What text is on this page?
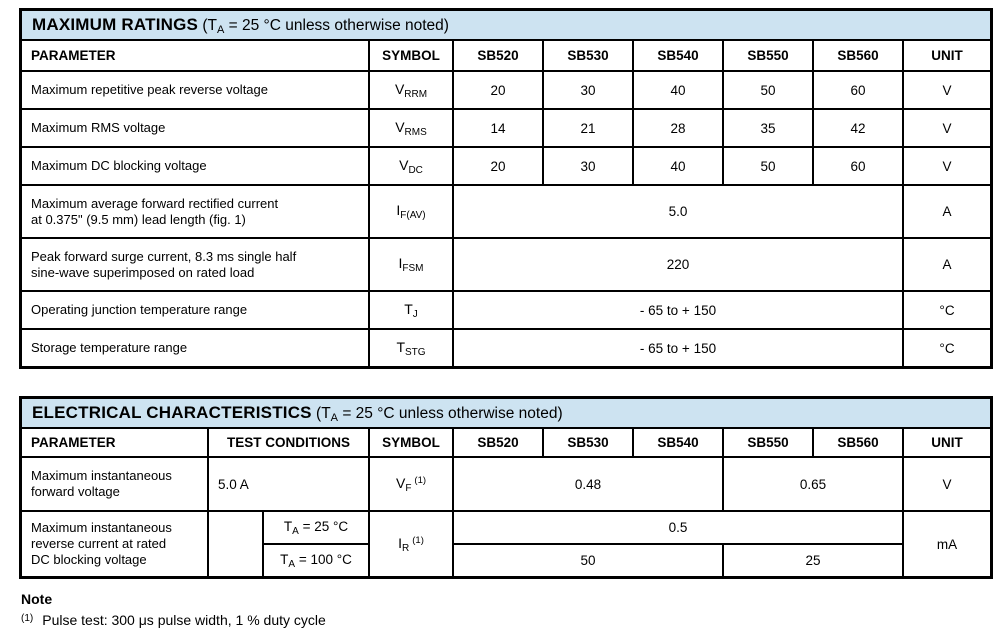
MAXIMUM RATINGS (TA = 25 °C unless otherwise noted)
PARAMETER	SYMBOL	SB520	SB530	SB540	SB550	SB560	UNIT

Maximum repetitive peak reverse voltage	$V_{RRM}$	20	30	40	50	60	V

Maximum RMS voltage	$V_{RMS}$	14	21	28	35	42	V

Maximum DC blocking voltage	$V_{DC}$	20	30	40	50	60	V

Maximum average forward rectified current
at 0.375" (9.5 mm) lead length (fig. 1)	$I_{F(AV)}$	5.0					A

Peak forward surge current, 8.3 ms single half
sine-wave superimposed on rated load	$I_{FSM}$	220					A

Operating junction temperature range	$T_J$	- 65 to + 150					°C

Storage temperature range	$T_{STG}$	- 65 to + 150					°C
ELECTRICAL CHARACTERISTICS (TA = 25 °C unless otherwise noted)
PARAMETER	TEST CONDITIONS		SYMBOL	SB520	SB530	SB540	SB550	SB560	UNIT

Maximum instantaneous
forward voltage	5.0 A		$V_F^{(1)}$	0.48			0.65		V

Maximum instantaneous
reverse current at rated
DC blocking voltage		$T_A = 25$ °C	$I_R^{(1)}$	0.5					mA
		$T_A = 100$ °C		50			25		
Note
$^{(1)}$ Pulse test: 300 μs pulse width, 1 % duty cycle
